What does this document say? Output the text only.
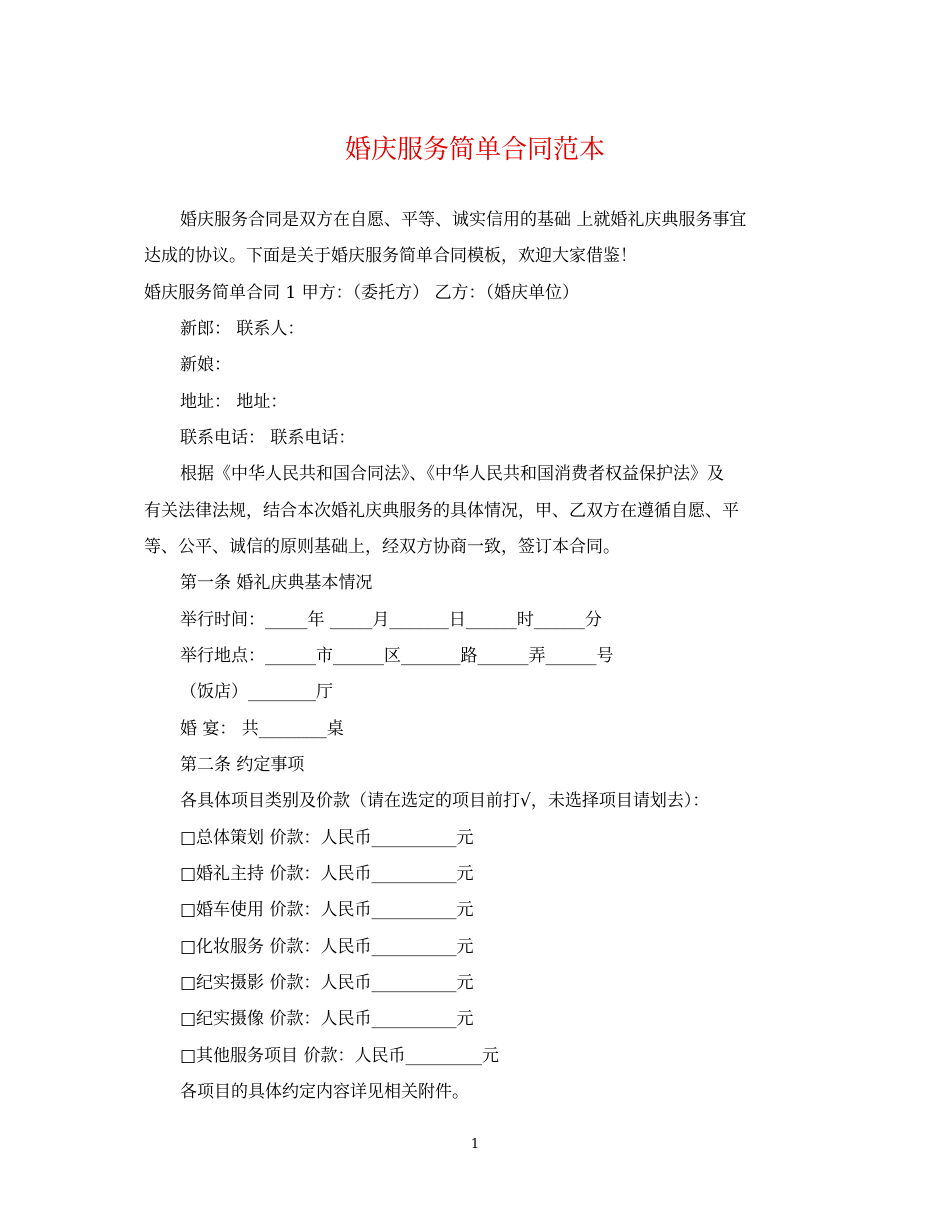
婚庆服务简单合同范本
婚庆服务合同是双方在自愿、平等、诚实信用的基础 上就婚礼庆典服务事宜
达成的协议。下面是关于婚庆服务简单合同模板，欢迎大家借鉴！
婚庆服务简单合同 1 甲方：（委托方） 乙方：（婚庆单位）
新郎： 联系人：
新娘：
地址： 地址：
联系电话： 联系电话：
根据《中华人民共和国合同法》、《中华人民共和国消费者权益保护法》及
有关法律法规，结合本次婚礼庆典服务的具体情况，甲、乙双方在遵循自愿、平
等、公平、诚信的原则基础上，经双方协商一致，签订本合同。
第一条 婚礼庆典基本情况
举行时间：_____年 _____月_______日______时______分
举行地点：______市______区_______路______弄______号
（饭店）________厅
婚 宴： 共________桌
第二条 约定事项
各具体项目类别及价款（请在选定的项目前打√，未选择项目请划去）：
□总体策划 价款：人民币__________元
□婚礼主持 价款：人民币__________元
□婚车使用 价款：人民币__________元
□化妆服务 价款：人民币__________元
□纪实摄影 价款：人民币__________元
□纪实摄像 价款：人民币__________元
□其他服务项目 价款：人民币_________元
各项目的具体约定内容详见相关附件。
1
